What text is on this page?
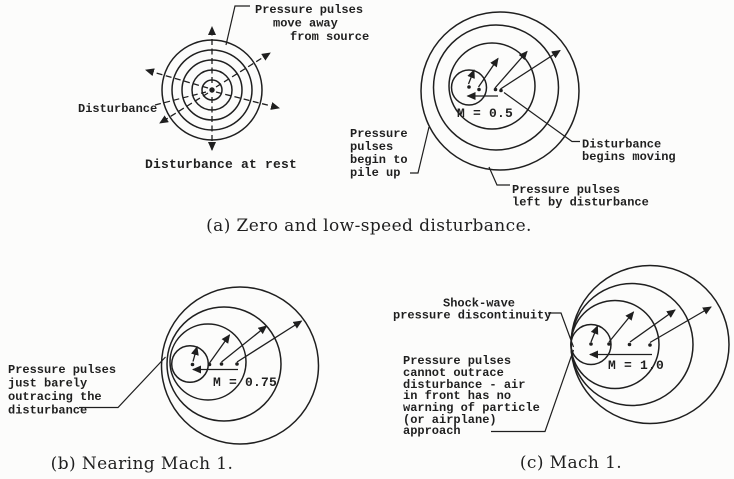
Pressure pulses
move away
from source
Disturbance
Disturbance at rest
M = 0.5
Pressure
pulses
begin to
pile up
Disturbance
begins moving
Pressure pulses
left by disturbance
(a) Zero and low-speed disturbance.
M = 0.75
Pressure pulses
just barely
outracing the
disturbance
(b) Nearing Mach 1.
M = 1.0
Shock-wave
pressure discontinuity
Pressure pulses
cannot outrace
disturbance - air
in front has no
warning of particle
(or airplane)
approach
(c) Mach 1.
